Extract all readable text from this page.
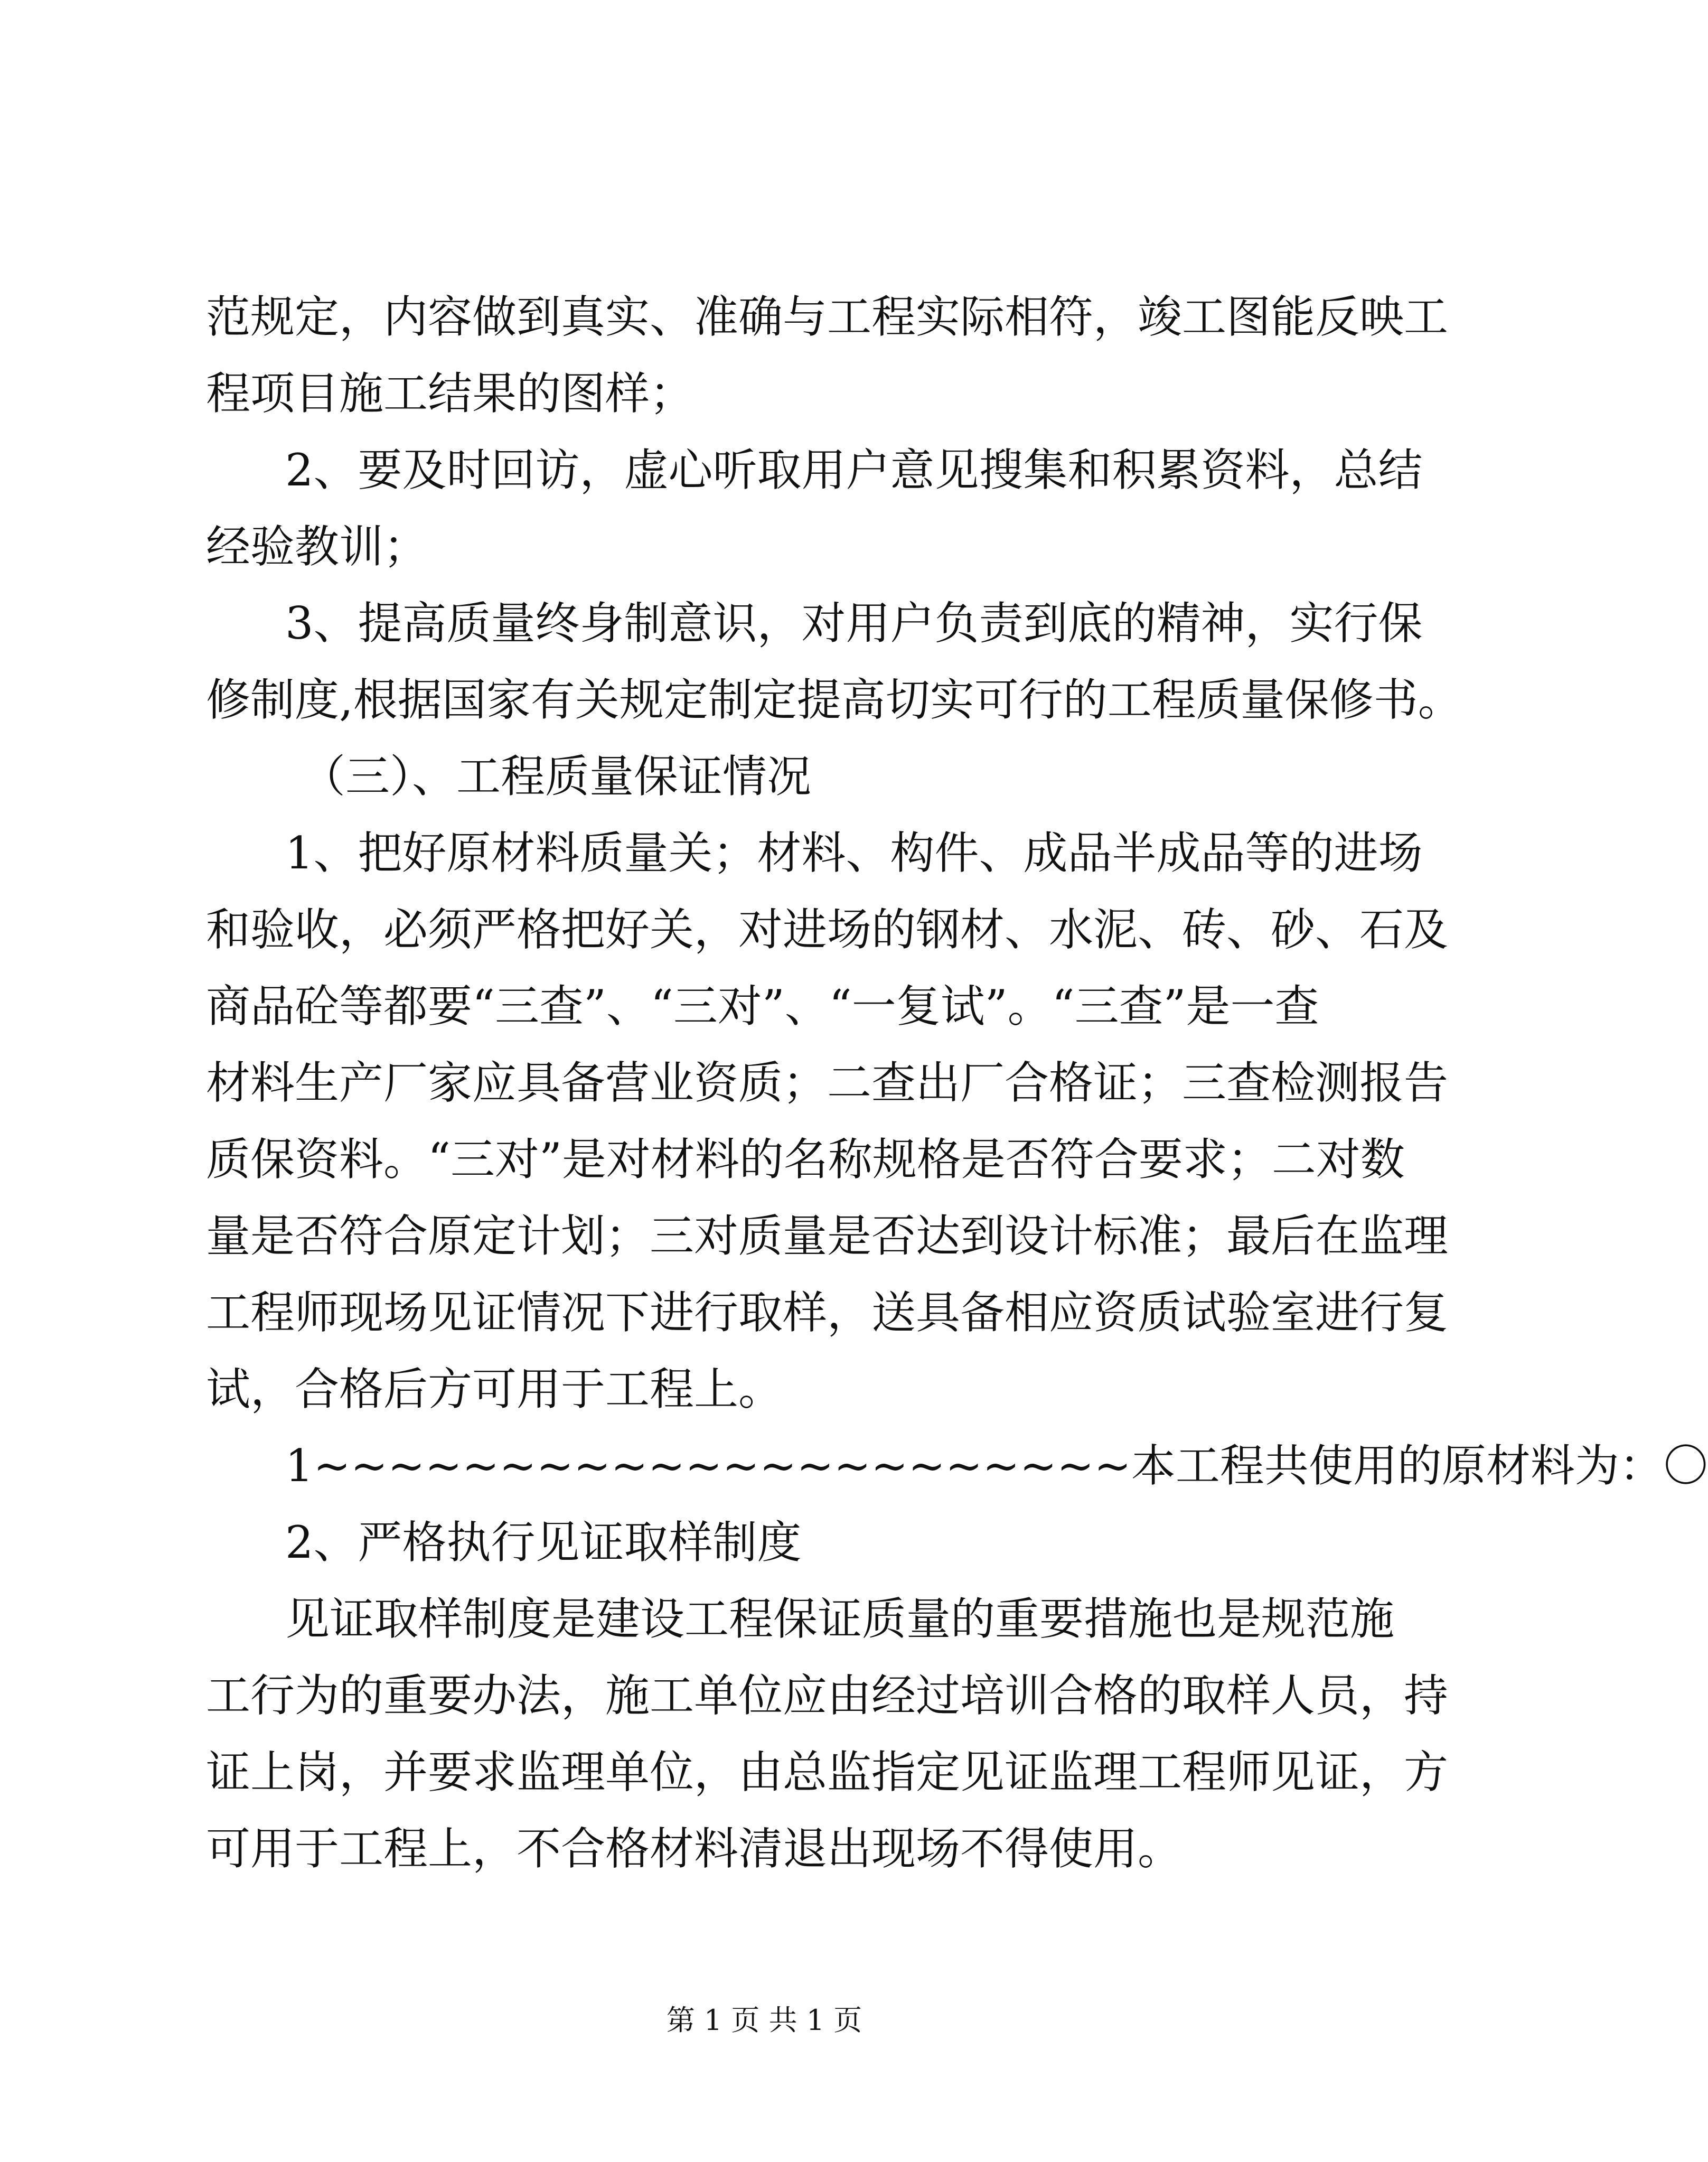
范规定，内容做到真实、准确与工程实际相符，竣工图能反映工
程项目施工结果的图样；
2、要及时回访，虚心听取用户意见搜集和积累资料，总结
经验教训；
3、提高质量终身制意识，对用户负责到底的精神，实行保
修制度,根据国家有关规定制定提高切实可行的工程质量保修书。
（三）、工程质量保证情况
1、把好原材料质量关；材料、构件、成品半成品等的进场
和验收，必须严格把好关，对进场的钢材、水泥、砖、砂、石及
商品砼等都要“三查”、“三对”、“一复试”。“三查”是一查
材料生产厂家应具备营业资质；二查出厂合格证；三查检测报告
质保资料。“三对”是对材料的名称规格是否符合要求；二对数
量是否符合原定计划；三对质量是否达到设计标准；最后在监理
工程师现场见证情况下进行取样，送具备相应资质试验室进行复
试，合格后方可用于工程上。
1~~~~~~~~~~~~~~~~~~~~~~本工程共使用的原材料为：〇
2、严格执行见证取样制度
见证取样制度是建设工程保证质量的重要措施也是规范施
工行为的重要办法，施工单位应由经过培训合格的取样人员，持
证上岗，并要求监理单位，由总监指定见证监理工程师见证，方
可用于工程上，不合格材料清退出现场不得使用。
第 1 页 共 1 页
